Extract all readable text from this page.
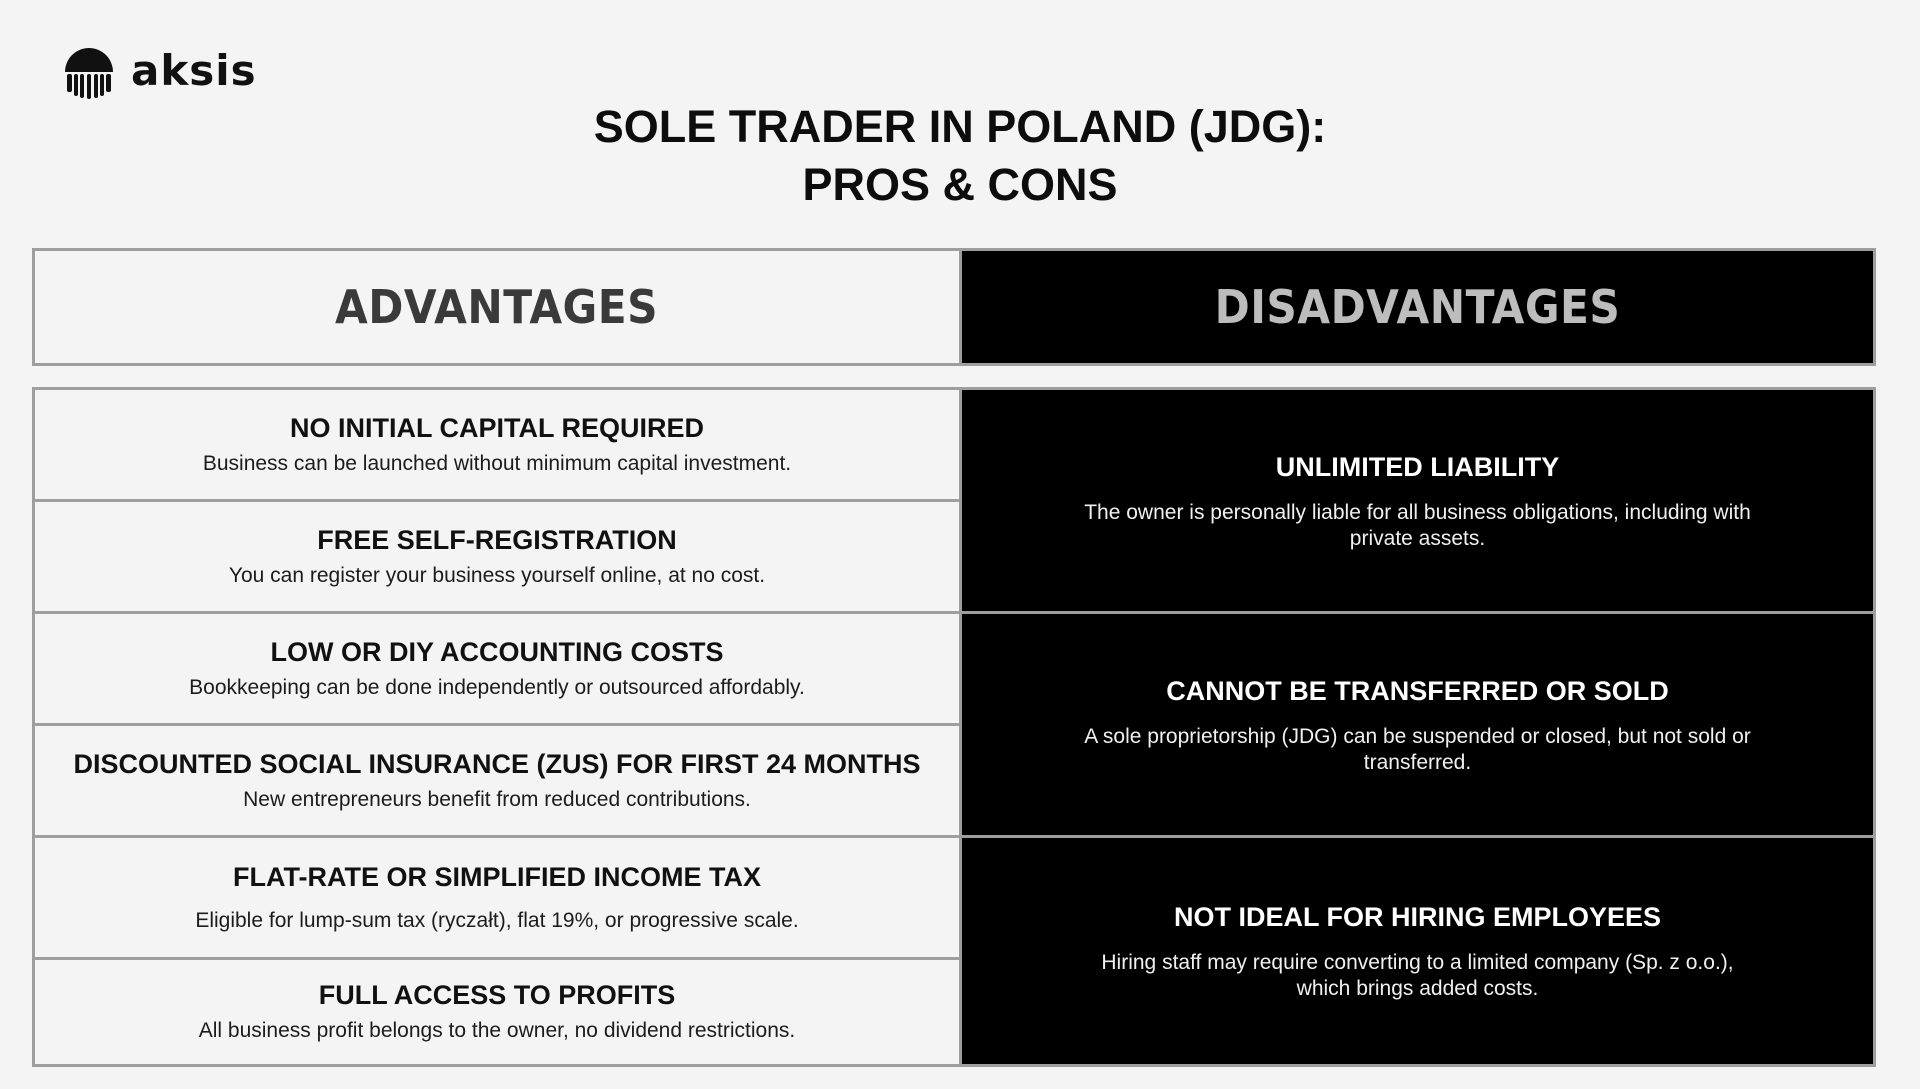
aksis
SOLE TRADER IN POLAND (JDG):
PROS & CONS
ADVANTAGES	DISADVANTAGES
NO INITIAL CAPITAL REQUIRED
Business can be launched without minimum capital investment.
FREE SELF-REGISTRATION
You can register your business yourself online, at no cost.
LOW OR DIY ACCOUNTING COSTS
Bookkeeping can be done independently or outsourced affordably.
DISCOUNTED SOCIAL INSURANCE (ZUS) FOR FIRST 24 MONTHS
New entrepreneurs benefit from reduced contributions.
FLAT-RATE OR SIMPLIFIED INCOME TAX
Eligible for lump-sum tax (ryczałt), flat 19%, or progressive scale.
FULL ACCESS TO PROFITS
All business profit belongs to the owner, no dividend restrictions.
UNLIMITED LIABILITY
The owner is personally liable for all business obligations, including with private assets.
CANNOT BE TRANSFERRED OR SOLD
A sole proprietorship (JDG) can be suspended or closed, but not sold or transferred.
NOT IDEAL FOR HIRING EMPLOYEES
Hiring staff may require converting to a limited company (Sp. z o.o.), which brings added costs.
